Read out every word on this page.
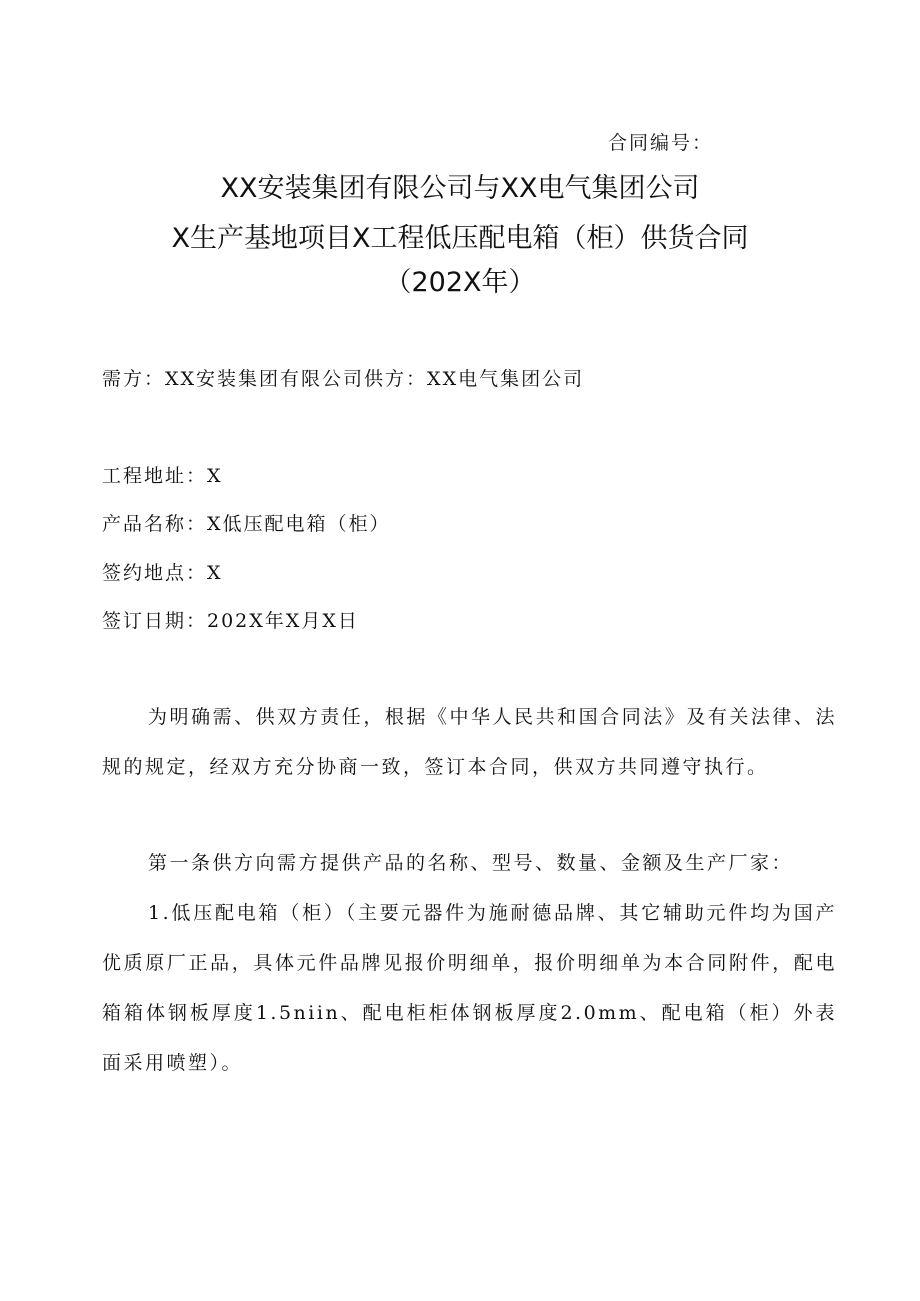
合同编号：
XX安装集团有限公司与XX电气集团公司
X生产基地项目X工程低压配电箱（柜）供货合同
（202X年）
需方：XX安装集团有限公司供方：XX电气集团公司
工程地址：X
产品名称：X低压配电箱（柜）
签约地点：X
签订日期：202X年X月X日
为明确需、供双方责任，根据《中华人民共和国合同法》及有关法律、法规的规定，经双方充分协商一致，签订本合同，供双方共同遵守执行。
第一条供方向需方提供产品的名称、型号、数量、金额及生产厂家：
1.低压配电箱（柜）（主要元器件为施耐德品牌、其它辅助元件均为国产优质原厂正品，具体元件品牌见报价明细单，报价明细单为本合同附件，配电箱箱体钢板厚度1.5niin、配电柜柜体钢板厚度2.0mm、配电箱（柜）外表面采用喷塑）。
